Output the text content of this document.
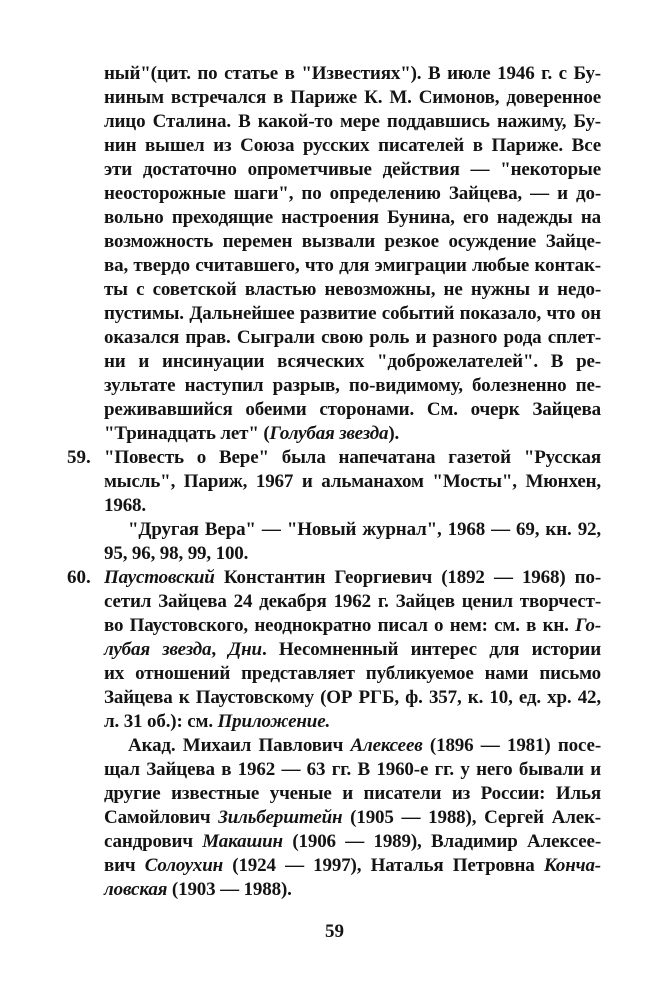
ный"(цит. по статье в "Известиях"). В июле 1946 г. с Бу-
ниным встречался в Париже К. М. Симонов, доверенное
лицо Сталина. В какой-то мере поддавшись нажиму, Бу-
нин вышел из Союза русских писателей в Париже. Все
эти достаточно опрометчивые действия — "некоторые
неосторожные шаги", по определению Зайцева, — и до-
вольно преходящие настроения Бунина, его надежды на
возможность перемен вызвали резкое осуждение Зайце-
ва, твердо считавшего, что для эмиграции любые контак-
ты с советской властью невозможны, не нужны и недо-
пустимы. Дальнейшее развитие событий показало, что он
оказался прав. Сыграли свою роль и разного рода сплет-
ни и инсинуации всяческих "доброжелателей". В ре-
зультате наступил разрыв, по-видимому, болезненно пе-
реживавшийся обеими сторонами. См. очерк Зайцева
"Тринадцать лет" (Голубая звезда).
59. "Повесть о Вере" была напечатана газетой "Русская
мысль", Париж, 1967 и альманахом "Мосты", Мюнхен,
1968.
"Другая Вера" — "Новый журнал", 1968 — 69, кн. 92,
95, 96, 98, 99, 100.
60. Паустовский Константин Георгиевич (1892 — 1968) по-
сетил Зайцева 24 декабря 1962 г. Зайцев ценил творчест-
во Паустовского, неоднократно писал о нем: см. в кн. Го-
лубая звезда, Дни. Несомненный интерес для истории
их отношений представляет публикуемое нами письмо
Зайцева к Паустовскому (ОР РГБ, ф. 357, к. 10, ед. хр. 42,
л. 31 об.): см. Приложение.
Акад. Михаил Павлович Алексеев (1896 — 1981) посе-
щал Зайцева в 1962 — 63 гг. В 1960-е гг. у него бывали и
другие известные ученые и писатели из России: Илья
Самойлович Зильберштейн (1905 — 1988), Сергей Алек-
сандрович Макашин (1906 — 1989), Владимир Алексее-
вич Солоухин (1924 — 1997), Наталья Петровна Конча-
ловская (1903 — 1988).
59
